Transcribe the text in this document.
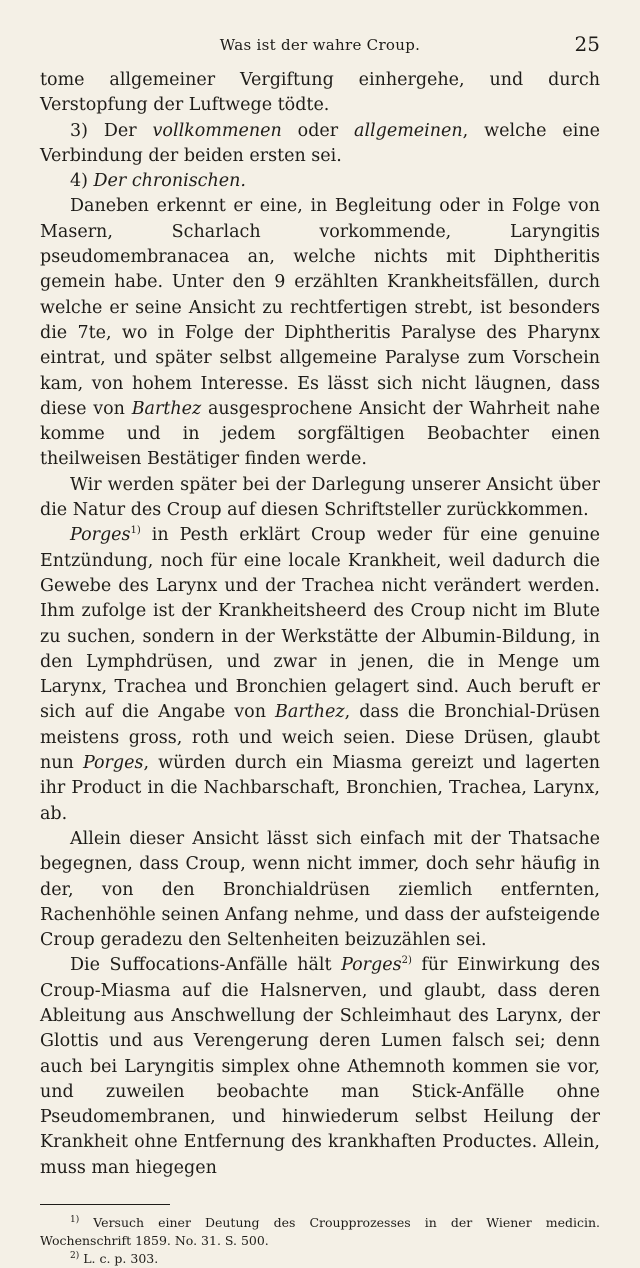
Was ist der wahre Croup.	25

tome allgemeiner Vergiftung einhergehe, und durch Verstopfung der Luftwege tödte.

3) Der vollkommenen oder allgemeinen, welche eine Verbindung der beiden ersten sei.

4) Der chronischen.

Daneben erkennt er eine, in Begleitung oder in Folge von Masern, Scharlach vorkommende, Laryngitis pseudomembranacea an, welche nichts mit Diphtheritis gemein habe. Unter den 9 erzählten Krankheitsfällen, durch welche er seine Ansicht zu rechtfertigen strebt, ist besonders die 7te, wo in Folge der Diphtheritis Paralyse des Pharynx eintrat, und später selbst allgemeine Paralyse zum Vorschein kam, von hohem Interesse. Es lässt sich nicht läugnen, dass diese von Barthez ausgesprochene Ansicht der Wahrheit nahe komme und in jedem sorgfältigen Beobachter einen theilweisen Bestätiger finden werde.

Wir werden später bei der Darlegung unserer Ansicht über die Natur des Croup auf diesen Schriftsteller zurückkommen.

Porges$^{1)}$ in Pesth erklärt Croup weder für eine genuine Entzündung, noch für eine locale Krankheit, weil dadurch die Gewebe des Larynx und der Trachea nicht verändert werden. Ihm zufolge ist der Krankheitsheerd des Croup nicht im Blute zu suchen, sondern in der Werkstätte der Albumin-Bildung, in den Lymphdrüsen, und zwar in jenen, die in Menge um Larynx, Trachea und Bronchien gelagert sind. Auch beruft er sich auf die Angabe von Barthez, dass die Bronchial-Drüsen meistens gross, roth und weich seien. Diese Drüsen, glaubt nun Porges, würden durch ein Miasma gereizt und lagerten ihr Product in die Nachbarschaft, Bronchien, Trachea, Larynx, ab.

Allein dieser Ansicht lässt sich einfach mit der Thatsache begegnen, dass Croup, wenn nicht immer, doch sehr häufig in der, von den Bronchialdrüsen ziemlich entfernten, Rachenhöhle seinen Anfang nehme, und dass der aufsteigende Croup geradezu den Seltenheiten beizuzählen sei.

Die Suffocations-Anfälle hält Porges$^{2)}$ für Einwirkung des Croup-Miasma auf die Halsnerven, und glaubt, dass deren Ableitung aus Anschwellung der Schleimhaut des Larynx, der Glottis und aus Verengerung deren Lumen falsch sei; denn auch bei Laryngitis simplex ohne Athemnoth kommen sie vor, und zuweilen beobachte man Stick-Anfälle ohne Pseudomembranen, und hinwiederum selbst Heilung der Krankheit ohne Entfernung des krankhaften Productes. Allein, muss man hiegegen

$^{1)}$ Versuch einer Deutung des Croupprozesses in der Wiener medicin. Wochenschrift 1859. No. 31. S. 500.

$^{2)}$ L. c. p. 303.
